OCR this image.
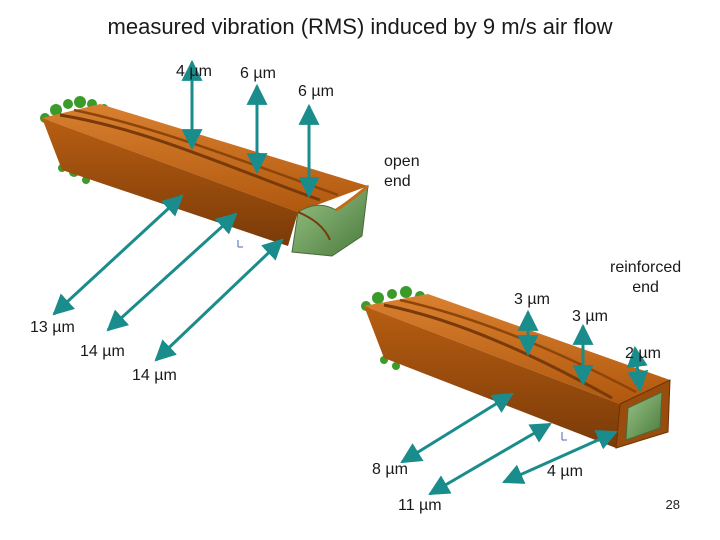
measured vibration (RMS) induced by 9 m/s air flow
4 µm 6 µm
6 µm
13 µm
14 µm
14 µm
open
end
3 µm
3 µm
2 µm
8 µm
11 µm
4 µm
reinforced
end
28
